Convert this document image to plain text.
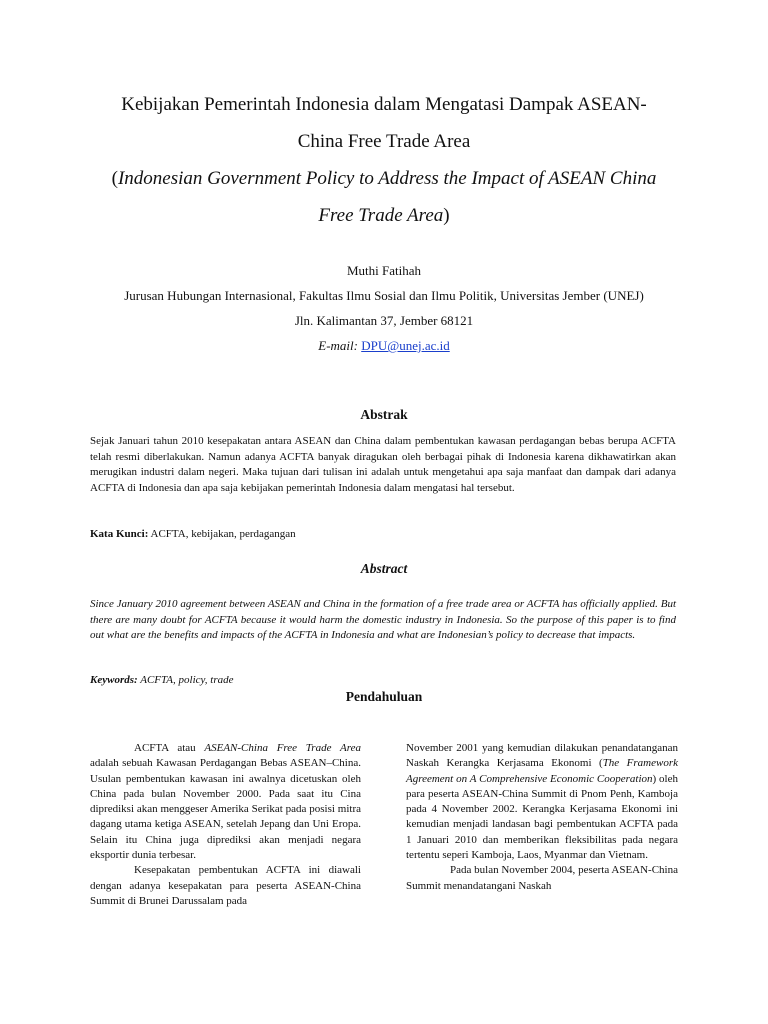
Kebijakan Pemerintah Indonesia dalam Mengatasi Dampak ASEAN-

China Free Trade Area

(Indonesian Government Policy to Address the Impact of ASEAN China

Free Trade Area)

Muthi Fatihah

Jurusan Hubungan Internasional, Fakultas Ilmu Sosial dan Ilmu Politik, Universitas Jember (UNEJ)

Jln. Kalimantan 37, Jember 68121

E-mail: DPU@unej.ac.id

Abstrak
Sejak Januari tahun 2010 kesepakatan antara ASEAN dan China dalam pembentukan kawasan perdagangan bebas berupa ACFTA telah resmi diberlakukan. Namun adanya ACFTA banyak diragukan oleh berbagai pihak di Indonesia karena dikhawatirkan akan merugikan industri dalam negeri. Maka tujuan dari tulisan ini adalah untuk mengetahui apa saja manfaat dan dampak dari adanya ACFTA di Indonesia dan apa saja kebijakan pemerintah Indonesia dalam mengatasi hal tersebut.
Kata Kunci: ACFTA, kebijakan, perdagangan
Abstract
Since January 2010 agreement between ASEAN and China in the formation of a free trade area or ACFTA has officially applied. But there are many doubt for ACFTA because it would harm the domestic industry in Indonesia. So the purpose of this paper is to find out what are the benefits and impacts of the ACFTA in Indonesia and what are Indonesian’s policy to decrease that impacts.
Keywords: ACFTA, policy, trade
Pendahuluan

ACFTA atau ASEAN-China Free Trade Area adalah sebuah Kawasan Perdagangan Bebas ASEAN–China. Usulan pembentukan kawasan ini awalnya dicetuskan oleh China pada bulan November 2000. Pada saat itu Cina diprediksi akan menggeser Amerika Serikat pada posisi mitra dagang utama ketiga ASEAN, setelah Jepang dan Uni Eropa. Selain itu China juga diprediksi akan menjadi negara eksportir dunia terbesar.

Kesepakatan pembentukan ACFTA ini diawali dengan adanya kesepakatan para peserta ASEAN-China Summit di Brunei Darussalam pada

November 2001 yang kemudian dilakukan penandatanganan Naskah Kerangka Kerjasama Ekonomi (The Framework Agreement on A Comprehensive Economic Cooperation) oleh para peserta ASEAN-China Summit di Pnom Penh, Kamboja pada 4 November 2002. Kerangka Kerjasama Ekonomi ini kemudian menjadi landasan bagi pembentukan ACFTA pada 1 Januari 2010 dan memberikan fleksibilitas pada negara tertentu seperi Kamboja, Laos, Myanmar dan Vietnam.

Pada bulan November 2004, peserta ASEAN-China Summit menandatangani Naskah
